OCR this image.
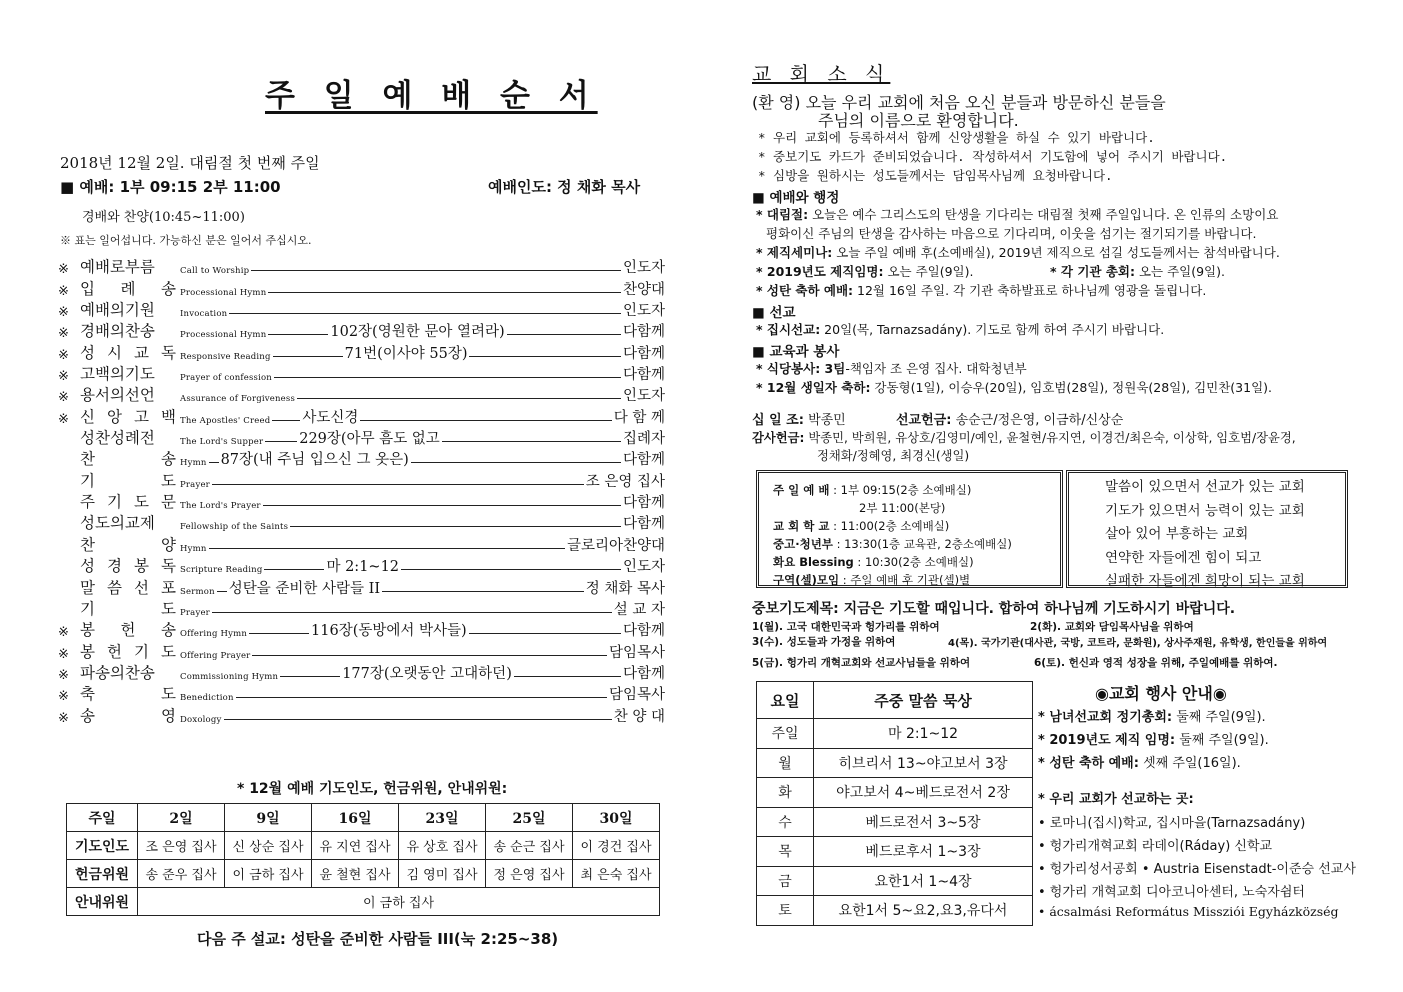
주 일 예 배 순 서
2018년 12월 2일. 대림절 첫 번째 주일
■ 예배: 1부 09:15 2부 11:00	예배인도: 정 채화 목사
경배와 찬양(10:45~11:00)
※ 표는 일어섭니다. 가능하신 분은 일어서 주십시오.
※ 예배로부름	Call to Worship	인도자
※ 입 례 송 Processional Hymn	찬양대
※ 예배의기원	Invocation	인도자
※ 경배의찬송	Processional Hymn	102장(영원한 문아 열려라)	다함께
※ 성 시 교 독 Responsive Reading	71번(이사야 55장)	다함께
※ 고백의기도	Prayer of confession	다함께
※ 용서의선언	Assurance of Forgiveness	인도자
※ 신 앙 고 백 The Apostles' Creed 사도신경	다 함 께
성찬성례전	The Lord's Supper 229장(아무 흠도 없고	집례자
찬 송 Hymn 87장(내 주님 입으신 그 옷은)	다함께
기 도 Prayer	조 은영 집사
주 기 도 문 The Lord's Prayer	다함께
성도의교제	Fellowship of the Saints	다함께
찬 양 Hymn	글로리아찬양대
성 경 봉 독 Scripture Reading	마 2:1~12	인도자
말 씀 선 포 Sermon 성탄을 준비한 사람들 II	정 채화 목사
기 도 Prayer	설 교 자
※ 봉 헌 송 Offering Hymn	116장(동방에서 박사들)	다함께
※ 봉 헌 기 도 Offering Prayer	담임목사
※ 파송의찬송	Commissioning Hymn	177장(오랫동안 고대하던)	다함께
※ 축 도 Benediction	담임목사
※ 송 영 Doxology	찬 양 대
* 12월 예배 기도인도, 헌금위원, 안내위원:
주일	2일	9일	16일	23일	25일	30일
기도인도	조 은영 집사	신 상순 집사	유 지연 집사	유 상호 집사	송 순근 집사	이 경건 집사
헌금위원	송 준우 집사	이 금하 집사	윤 철현 집사	김 영미 집사	정 은영 집사	최 은숙 집사
안내위원	이 금하 집사					
다음 주 설교: 성탄을 준비한 사람들 III(눅 2:25~38)
교 회 소 식
(환 영) 오늘 우리 교회에 처음 오신 분들과 방문하신 분들을
주님의 이름으로 환영합니다.
* 우리 교회에 등록하셔서 함께 신앙생활을 하실 수 있기 바랍니다.
* 중보기도 카드가 준비되었습니다. 작성하셔서 기도함에 넣어 주시기 바랍니다.
* 심방을 원하시는 성도들께서는 담임목사님께 요청바랍니다.
■ 예배와 행정
* 대림절: 오늘은 예수 그리스도의 탄생을 기다리는 대림절 첫째 주일입니다. 온 인류의 소망이요
평화이신 주님의 탄생을 감사하는 마음으로 기다리며, 이웃을 섬기는 절기되기를 바랍니다.
* 제직세미나: 오늘 주일 예배 후(소예배실), 2019년 제직으로 섬길 성도들께서는 참석바랍니다.
* 2019년도 제직임명: 오는 주일(9일).	* 각 기관 총회: 오는 주일(9일).
* 성탄 축하 예배: 12월 16일 주일. 각 기관 축하발표로 하나님께 영광을 돌립니다.
■ 선교
* 집시선교: 20일(목, Tarnazsadány). 기도로 함께 하여 주시기 바랍니다.
■ 교육과 봉사
* 식당봉사: 3팀-책임자 조 은영 집사. 대학청년부
* 12월 생일자 축하: 강동형(1일), 이승우(20일), 임호범(28일), 정원욱(28일), 김민찬(31일).
십 일 조: 박종민	선교헌금: 송순근/정은영, 이금하/신상순
감사헌금: 박종민, 박희원, 유상호/김영미/예인, 윤철현/유지연, 이경건/최은숙, 이상학, 임호범/장윤경,
정채화/정혜영, 최경신(생일)
주 일 예 배 : 1부 09:15(2층 소예배실)
2부 11:00(본당)
교 회 학 교 : 11:00(2층 소예배실)
중고·청년부 : 13:30(1층 교육관, 2층소예배실)
화요 Blessing : 10:30(2층 소예배실)
구역(셀)모임 : 주일 예배 후 기관(셀)별
말씀이 있으면서 선교가 있는 교회
기도가 있으면서 능력이 있는 교회
살아 있어 부흥하는 교회
연약한 자들에겐 힘이 되고
실패한 자들에겐 희망이 되는 교회
중보기도제목: 지금은 기도할 때입니다. 합하여 하나님께 기도하시기 바랍니다.
1(월). 고국 대한민국과 헝가리를 위하여	2(화). 교회와 담임목사님을 위하여
3(수). 성도들과 가정을 위하여	4(목). 국가기관(대사관, 국방, 코트라, 문화원), 상사주재원, 유학생, 한인들을 위하여
5(금). 헝가리 개혁교회와 선교사님들을 위하여	6(토). 헌신과 영적 성장을 위해, 주일예배를 위하여.
요일	주중 말씀 묵상
주일	마 2:1~12
월	히브리서 13~야고보서 3장
화	야고보서 4~베드로전서 2장
수	베드로전서 3~5장
목	베드로후서 1~3장
금	요한1서 1~4장
토	요한1서 5~요2,요3,유다서
◉교회 행사 안내◉
* 남녀선교회 정기총회: 둘째 주일(9일).
* 2019년도 제직 임명: 둘째 주일(9일).
* 성탄 축하 예배: 셋째 주일(16일).
* 우리 교회가 선교하는 곳:
• 로마니(집시)학교, 집시마을(Tarnazsadány)
• 헝가리개혁교회 라데이(Ráday) 신학교
• 헝가리성서공회 • Austria Eisenstadt-이준승 선교사
• 헝가리 개혁교회 디아코니아센터, 노숙자쉼터
• ácsalmási Református Missziói Egyházközség
